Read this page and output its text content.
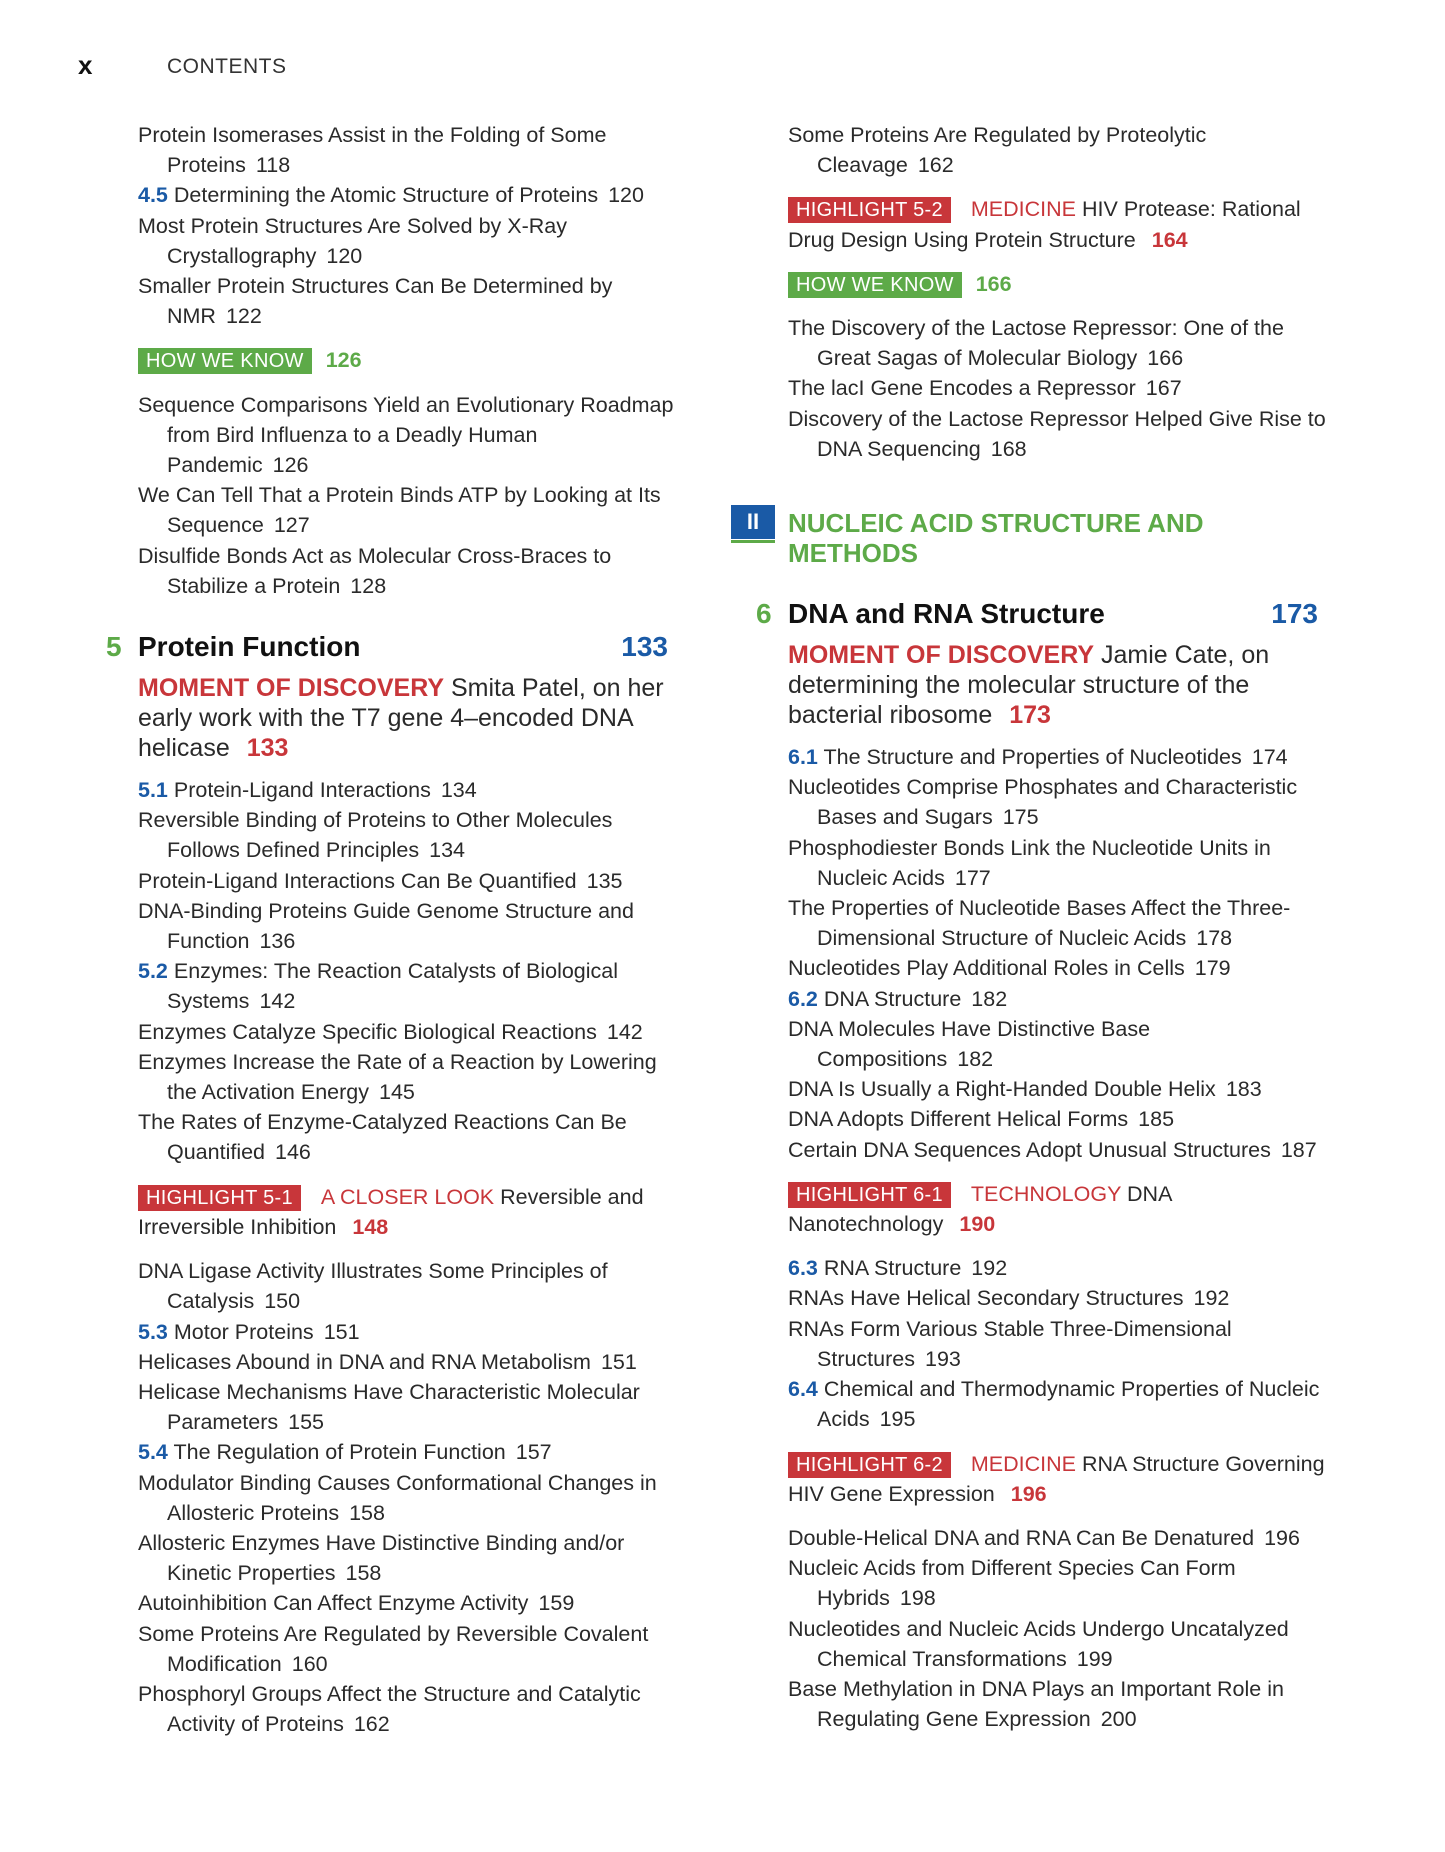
x	CONTENTS
Protein Isomerases Assist in the Folding of Some Proteins 118
4.5 Determining the Atomic Structure of Proteins 120
Most Protein Structures Are Solved by X-Ray Crystallography 120
Smaller Protein Structures Can Be Determined by NMR 122
HOW WE KNOW 126
Sequence Comparisons Yield an Evolutionary Roadmap from Bird Influenza to a Deadly Human Pandemic 126
We Can Tell That a Protein Binds ATP by Looking at Its Sequence 127
Disulfide Bonds Act as Molecular Cross-Braces to Stabilize a Protein 128
5 Protein Function	133
MOMENT OF DISCOVERY Smita Patel, on her early work with the T7 gene 4–encoded DNA helicase 133
5.1 Protein-Ligand Interactions 134
Reversible Binding of Proteins to Other Molecules Follows Defined Principles 134
Protein-Ligand Interactions Can Be Quantified 135
DNA-Binding Proteins Guide Genome Structure and Function 136
5.2 Enzymes: The Reaction Catalysts of Biological Systems 142
Enzymes Catalyze Specific Biological Reactions 142
Enzymes Increase the Rate of a Reaction by Lowering the Activation Energy 145
The Rates of Enzyme-Catalyzed Reactions Can Be Quantified 146
HIGHLIGHT 5-1 A CLOSER LOOK Reversible and Irreversible Inhibition 148
DNA Ligase Activity Illustrates Some Principles of Catalysis 150
5.3 Motor Proteins 151
Helicases Abound in DNA and RNA Metabolism 151
Helicase Mechanisms Have Characteristic Molecular Parameters 155
5.4 The Regulation of Protein Function 157
Modulator Binding Causes Conformational Changes in Allosteric Proteins 158
Allosteric Enzymes Have Distinctive Binding and/or Kinetic Properties 158
Autoinhibition Can Affect Enzyme Activity 159
Some Proteins Are Regulated by Reversible Covalent Modification 160
Phosphoryl Groups Affect the Structure and Catalytic Activity of Proteins 162
Some Proteins Are Regulated by Proteolytic Cleavage 162
HIGHLIGHT 5-2 MEDICINE HIV Protease: Rational Drug Design Using Protein Structure 164
HOW WE KNOW 166
The Discovery of the Lactose Repressor: One of the Great Sagas of Molecular Biology 166
The lacI Gene Encodes a Repressor 167
Discovery of the Lactose Repressor Helped Give Rise to DNA Sequencing 168
II	NUCLEIC ACID STRUCTURE AND METHODS
6 DNA and RNA Structure	173
MOMENT OF DISCOVERY Jamie Cate, on determining the molecular structure of the bacterial ribosome 173
6.1 The Structure and Properties of Nucleotides 174
Nucleotides Comprise Phosphates and Characteristic Bases and Sugars 175
Phosphodiester Bonds Link the Nucleotide Units in Nucleic Acids 177
The Properties of Nucleotide Bases Affect the Three-Dimensional Structure of Nucleic Acids 178
Nucleotides Play Additional Roles in Cells 179
6.2 DNA Structure 182
DNA Molecules Have Distinctive Base Compositions 182
DNA Is Usually a Right-Handed Double Helix 183
DNA Adopts Different Helical Forms 185
Certain DNA Sequences Adopt Unusual Structures 187
HIGHLIGHT 6-1 TECHNOLOGY DNA Nanotechnology 190
6.3 RNA Structure 192
RNAs Have Helical Secondary Structures 192
RNAs Form Various Stable Three-Dimensional Structures 193
6.4 Chemical and Thermodynamic Properties of Nucleic Acids 195
HIGHLIGHT 6-2 MEDICINE RNA Structure Governing HIV Gene Expression 196
Double-Helical DNA and RNA Can Be Denatured 196
Nucleic Acids from Different Species Can Form Hybrids 198
Nucleotides and Nucleic Acids Undergo Uncatalyzed Chemical Transformations 199
Base Methylation in DNA Plays an Important Role in Regulating Gene Expression 200
